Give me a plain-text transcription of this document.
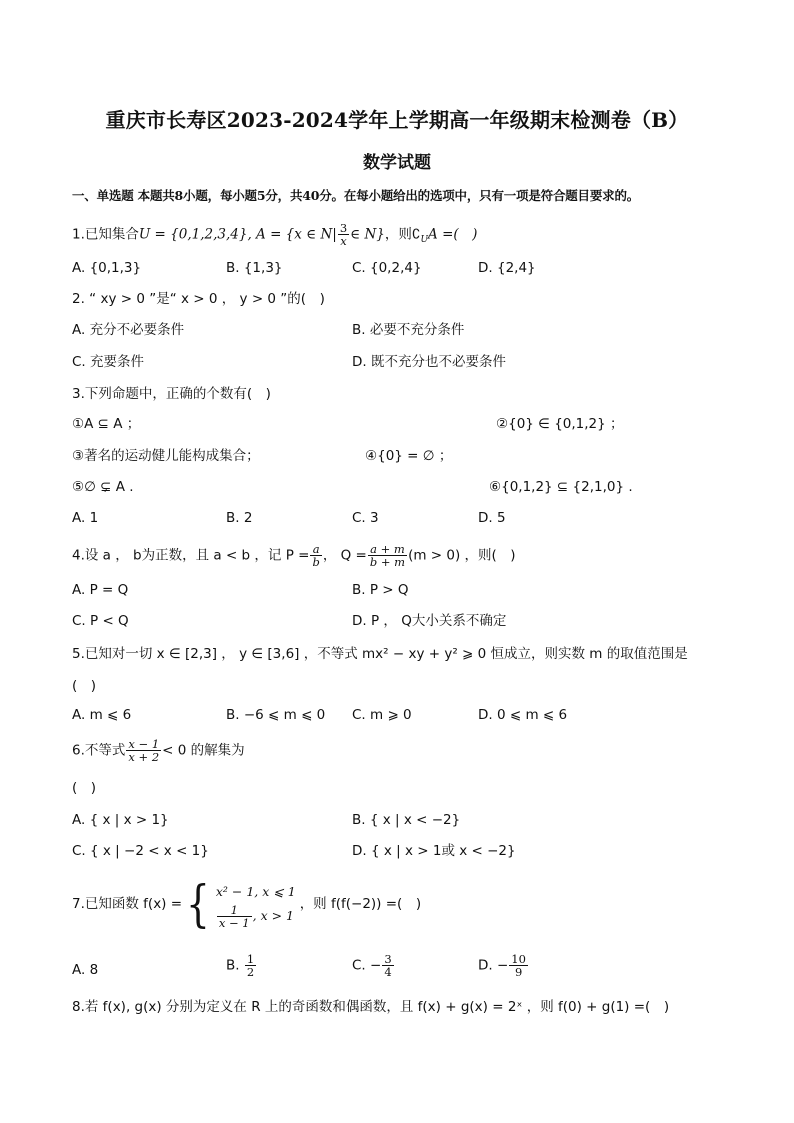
重庆市长寿区2023-2024学年上学期高一年级期末检测卷（B）
数学试题
一、单选题 本题共8小题，每小题5分，共40分。在每小题给出的选项中，只有一项是符合题目要求的。
1.已知集合U = {0,1,2,3,4}, A = {x ∈ $N| \frac{3}{x}$ ∈ N}，则$∁_UA$ =(　)
A. {0,1,3}	B. {1,3}	C. {0,2,4}	D. {2,4}
2. “ xy > 0 ”是“ x > 0 ， y > 0 ”的(　)
A. 充分不必要条件	B. 必要不充分条件
C. 充要条件	D. 既不充分也不必要条件
3.下列命题中，正确的个数有(　)
①A ⊆ A ；	②{0} ∈ {0,1,2} ；
③著名的运动健儿能构成集合；	④{0} = ∅ ；
⑤∅ ⊊ A .	⑥{0,1,2} ⊆ {2,1,0} .
A. 1	B. 2	C. 3	D. 5
4.设 a ， b为正数，且 a < b ，记 $P = \frac{a}{b}$ ， $Q = \frac{a + m}{b + m} (m > 0)$ ，则(　)
A. P = Q	B. P > Q
C. P < Q	D. P ， Q大小关系不确定
5.已知对一切 x ∈ [2,3] ， y ∈ [3,6] ，不等式 mx² − xy + y² ⩾ 0 恒成立，则实数 m 的取值范围是
(　)
A. m ⩽ 6	B. −6 ⩽ m ⩽ 0 C. m ⩾ 0	D. 0 ⩽ m ⩽ 6
6.不等式 $\frac{x - 1}{x + 2} < 0$ 的解集为
(　)
A. { x | x > 1}	B. { x | x < −2}
C. { x | −2 < x < 1}	D. { x | x > 1或 x < −2}
7.已知函数 f(x) = { x² − 1, x ⩽ 1
$\frac{1}{x - 1}$ , x > 1
，则 f(f(−2)) =(　)
A. 8	B. $\frac{1}{2}$	C. − $\frac{3}{4}$	D. − $\frac{10}{9}$
8.若 f(x), g(x) 分别为定义在 R 上的奇函数和偶函数，且 f(x) + g(x) = 2ˣ ，则 f(0) + g(1) =(　)
